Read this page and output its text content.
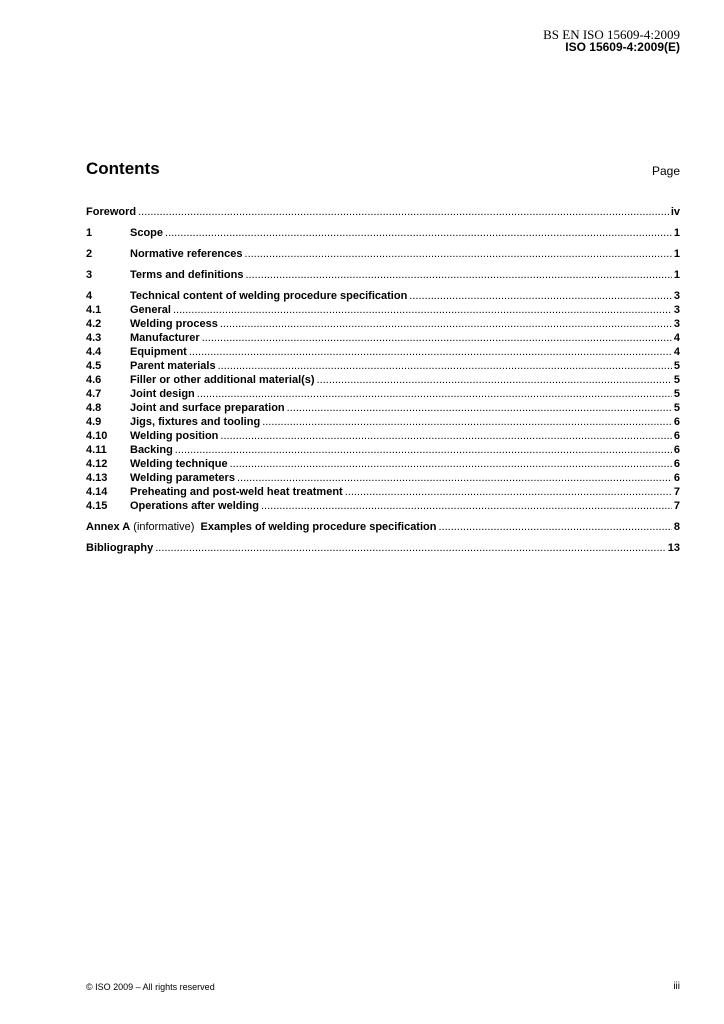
BS EN ISO 15609-4:2009
ISO 15609-4:2009(E)
Contents	Page
Foreword .....	iv
1	Scope .....	1
2	Normative references .....	1
3	Terms and definitions .....	1
4	Technical content of welding procedure specification .....	3
4.1	General .....	3
4.2	Welding process .....	3
4.3	Manufacturer .....	4
4.4	Equipment .....	4
4.5	Parent materials .....	5
4.6	Filler or other additional material(s) .....	5
4.7	Joint design .....	5
4.8	Joint and surface preparation .....	5
4.9	Jigs, fixtures and tooling .....	6
4.10	Welding position .....	6
4.11	Backing .....	6
4.12	Welding technique .....	6
4.13	Welding parameters .....	6
4.14	Preheating and post-weld heat treatment .....	7
4.15	Operations after welding .....	7
Annex A (informative)  Examples of welding procedure specification .....	8
Bibliography .....	13
© ISO 2009 – All rights reserved	iii
